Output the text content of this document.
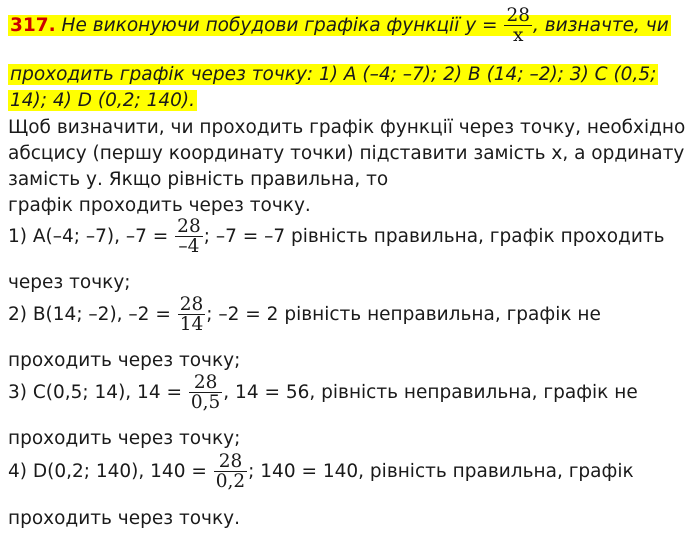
317. Не виконуючи побудови графіка функції $у = \frac{28}{x}$ , визначте, чи
проходить графік через точку: 1) А (–4; –7); 2) В (14; –2); 3) С (0,5;
14); 4) D (0,2; 140).
Щоб визначити, чи проходить графік функції через точку, необхідно
абсцису (першу координату точки) підставити замість х, а ординату
замість у. Якщо рівність правильна, то
графік проходить через точку.
1) А(–4; –7), $-7 = \frac{28}{-4}$ ; –7 = –7 рівність правильна, графік проходить
через точку;
2) В(14; –2), $-2 = \frac{28}{14}$ ; –2 = 2 рівність неправильна, графік не
проходить через точку;
3) С(0,5; 14), $14 = \frac{28}{0,5}$ , 14 = 56, рівність неправильна, графік не
проходить через точку;
4) D(0,2; 140), $140 = \frac{28}{0,2}$ ; 140 = 140, рівність правильна, графік
проходить через точку.
